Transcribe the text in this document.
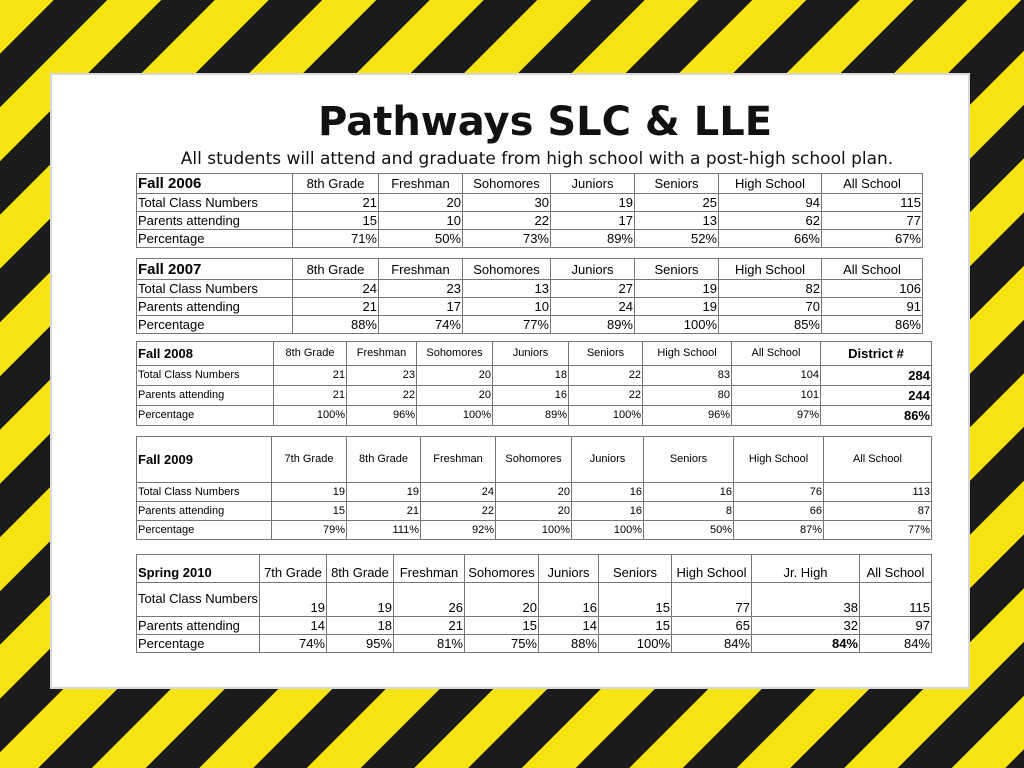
Pathways SLC & LLE
All students will attend and graduate from high school with a post-high school plan.
Fall 2006	8th Grade	Freshman	Sohomores	Juniors	Seniors	High School	All School
Total Class Numbers	21	20	30	19	25	94	115
Parents attending	15	10	22	17	13	62	77
Percentage	71%	50%	73%	89%	52%	66%	67%
Fall 2007	8th Grade	Freshman	Sohomores	Juniors	Seniors	High School	All School
Total Class Numbers	24	23	13	27	19	82	106
Parents attending	21	17	10	24	19	70	91
Percentage	88%	74%	77%	89%	100%	85%	86%
Fall 2008	8th Grade	Freshman	Sohomores	Juniors	Seniors	High School	All School	District #
Total Class Numbers	21	23	20	18	22	83	104	284
Parents attending	21	22	20	16	22	80	101	244
Percentage	100%	96%	100%	89%	100%	96%	97%	86%
Fall 2009	7th Grade	8th Grade	Freshman	Sohomores	Juniors	Seniors	High School	All School
Total Class Numbers	19	19	24	20	16	16	76	113
Parents attending	15	21	22	20	16	8	66	87
Percentage	79%	111%	92%	100%	100%	50%	87%	77%
Spring 2010	7th Grade	8th Grade	Freshman	Sohomores	Juniors	Seniors	High School	Jr. High	All School
Total Class Numbers	19	19	26	20	16	15	77	38	115
Parents attending	14	18	21	15	14	15	65	32	97
Percentage	74%	95%	81%	75%	88%	100%	84%	84%	84%
